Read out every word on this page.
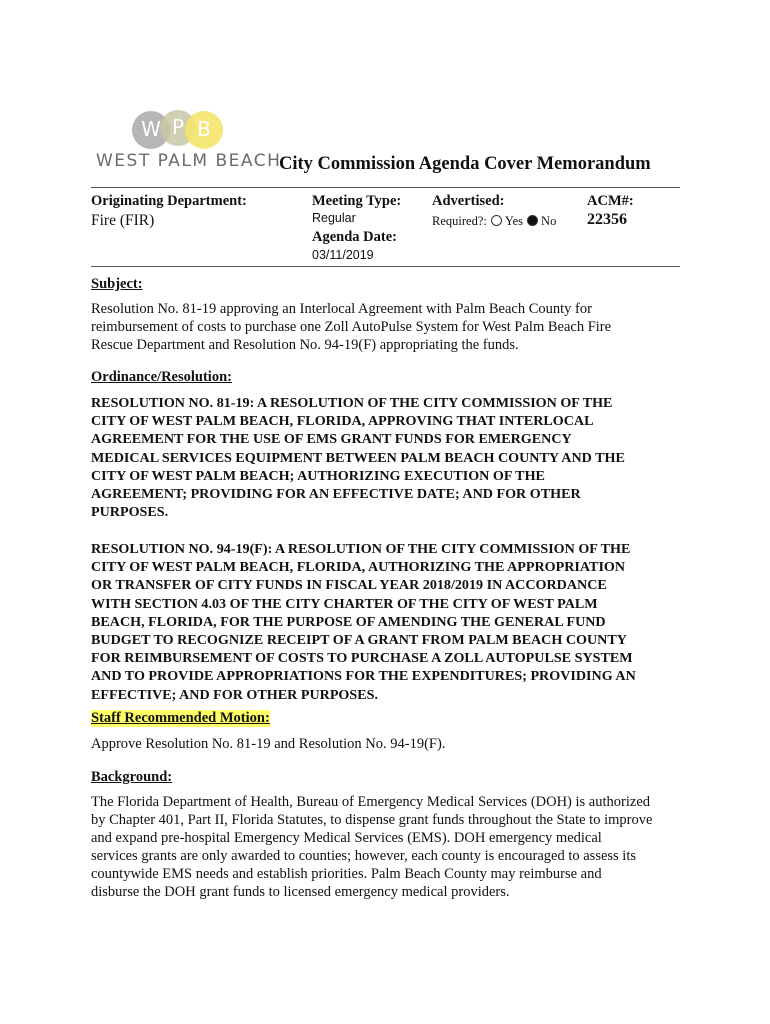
W P B
WEST PALM BEACH
City Commission Agenda Cover Memorandum
Originating Department:
Fire (FIR)
Meeting Type:
Regular
Agenda Date:
03/11/2019
Advertised:
Required?: Yes No
ACM#:
22356
Subject:
Resolution No. 81-19 approving an Interlocal Agreement with Palm Beach County for
reimbursement of costs to purchase one Zoll AutoPulse System for West Palm Beach Fire
Rescue Department and Resolution No. 94-19(F) appropriating the funds.
Ordinance/Resolution:
RESOLUTION NO. 81-19: A RESOLUTION OF THE CITY COMMISSION OF THE
CITY OF WEST PALM BEACH, FLORIDA, APPROVING THAT INTERLOCAL
AGREEMENT FOR THE USE OF EMS GRANT FUNDS FOR EMERGENCY
MEDICAL SERVICES EQUIPMENT BETWEEN PALM BEACH COUNTY AND THE
CITY OF WEST PALM BEACH; AUTHORIZING EXECUTION OF THE
AGREEMENT; PROVIDING FOR AN EFFECTIVE DATE; AND FOR OTHER
PURPOSES.
RESOLUTION NO. 94-19(F): A RESOLUTION OF THE CITY COMMISSION OF THE
CITY OF WEST PALM BEACH, FLORIDA, AUTHORIZING THE APPROPRIATION
OR TRANSFER OF CITY FUNDS IN FISCAL YEAR 2018/2019 IN ACCORDANCE
WITH SECTION 4.03 OF THE CITY CHARTER OF THE CITY OF WEST PALM
BEACH, FLORIDA, FOR THE PURPOSE OF AMENDING THE GENERAL FUND
BUDGET TO RECOGNIZE RECEIPT OF A GRANT FROM PALM BEACH COUNTY
FOR REIMBURSEMENT OF COSTS TO PURCHASE A ZOLL AUTOPULSE SYSTEM
AND TO PROVIDE APPROPRIATIONS FOR THE EXPENDITURES; PROVIDING AN
EFFECTIVE; AND FOR OTHER PURPOSES.
Staff Recommended Motion:
Approve Resolution No. 81-19 and Resolution No. 94-19(F).
Background:
The Florida Department of Health, Bureau of Emergency Medical Services (DOH) is authorized
by Chapter 401, Part II, Florida Statutes, to dispense grant funds throughout the State to improve
and expand pre-hospital Emergency Medical Services (EMS). DOH emergency medical
services grants are only awarded to counties; however, each county is encouraged to assess its
countywide EMS needs and establish priorities. Palm Beach County may reimburse and
disburse the DOH grant funds to licensed emergency medical providers.
